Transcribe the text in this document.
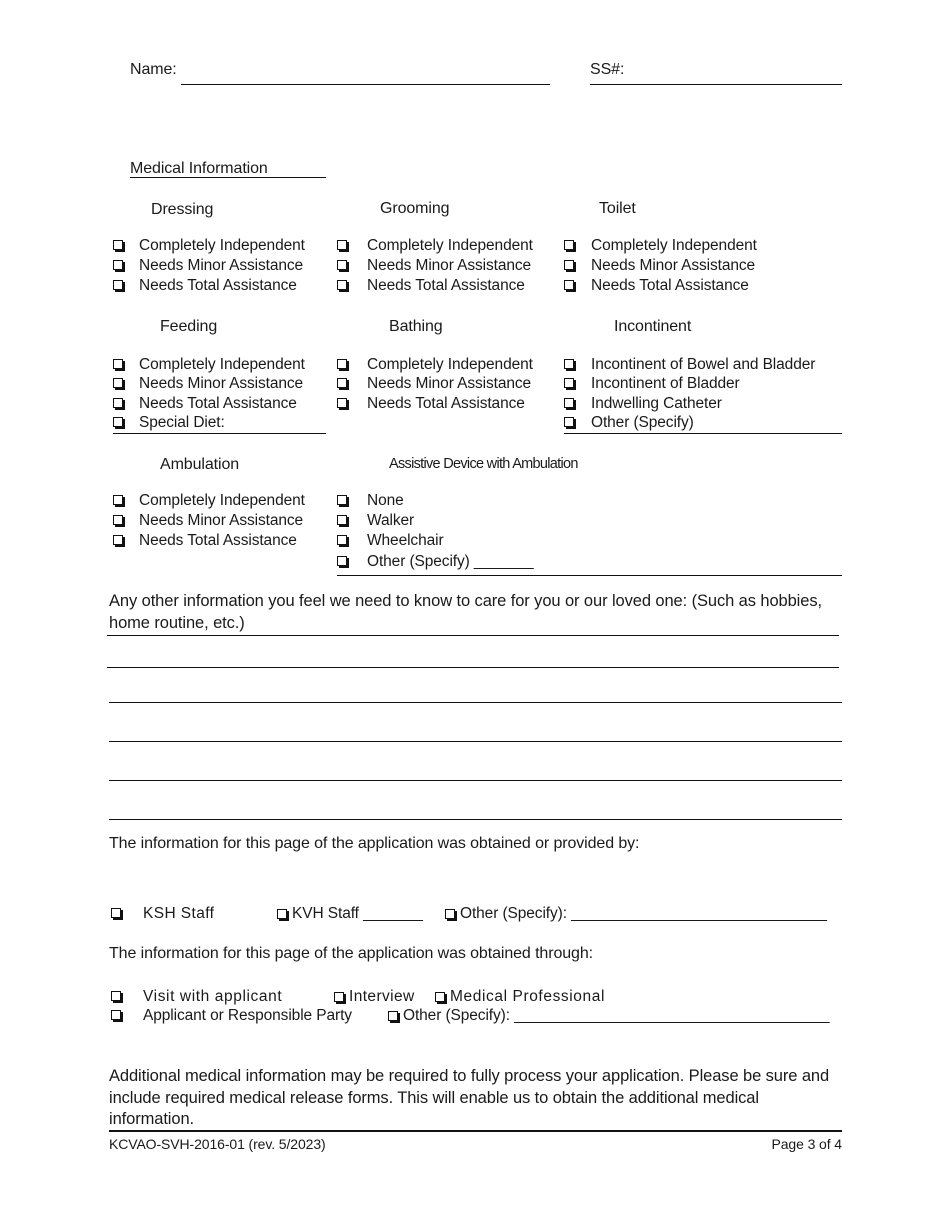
Name:	SS#:
Medical Information
Dressing	Grooming	Toilet
Completely Independent
Needs Minor Assistance
Needs Total Assistance
Completely Independent
Needs Minor Assistance
Needs Total Assistance
Completely Independent
Needs Minor Assistance
Needs Total Assistance
Feeding	Bathing	Incontinent
Completely Independent
Needs Minor Assistance
Needs Total Assistance
Special Diet:
Completely Independent
Needs Minor Assistance
Needs Total Assistance
Incontinent of Bowel and Bladder
Incontinent of Bladder
Indwelling Catheter
Other (Specify)
Ambulation	Assistive Device with Ambulation
Completely Independent
Needs Minor Assistance
Needs Total Assistance
None
Walker
Wheelchair
Other (Specify) _______
Any other information you feel we need to know to care for you or our loved one: (Such as hobbies, home routine, etc.)
The information for this page of the application was obtained or provided by:
KSH Staff	KVH Staff _______	Other (Specify): ______________________________
The information for this page of the application was obtained through:
Visit with applicant	Interview	Medical Professional
Applicant or Responsible Party	Other (Specify): _____________________________________
Additional medical information may be required to fully process your application. Please be sure and include required medical release forms. This will enable us to obtain the additional medical information.
KCVAO-SVH-2016-01 (rev. 5/2023)	Page 3 of 4
